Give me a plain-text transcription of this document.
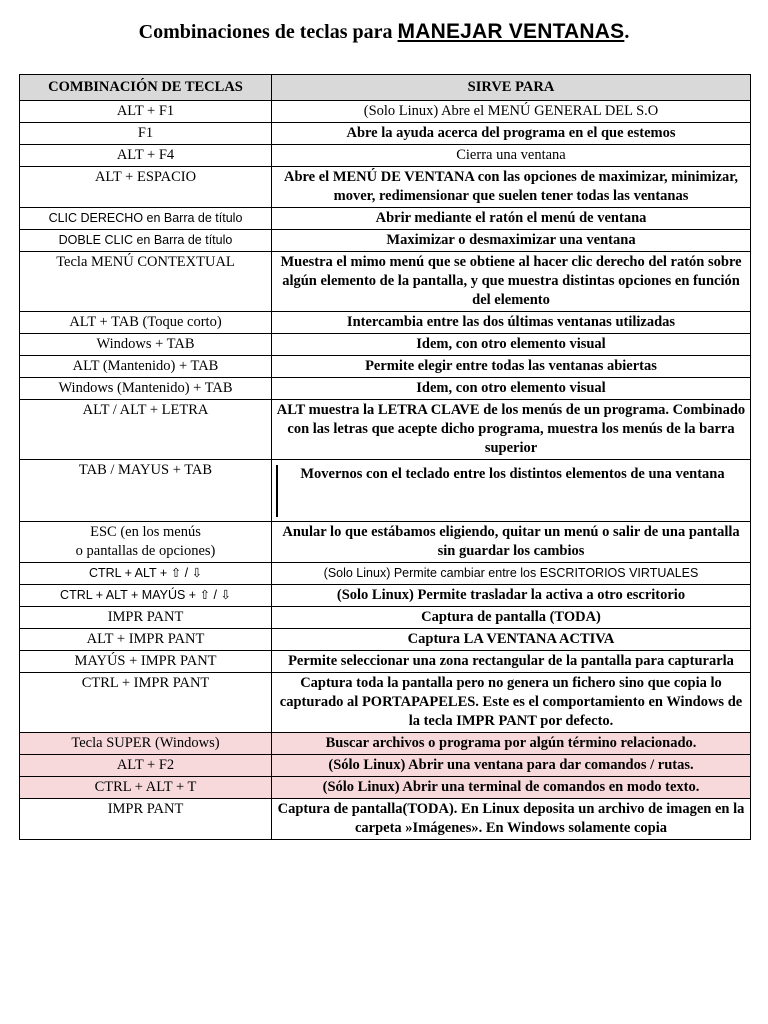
Combinaciones de teclas para MANEJAR VENTANAS.
COMBINACIÓN DE TECLAS	SIRVE PARA
ALT + F1	(Solo Linux) Abre el MENÚ GENERAL DEL S.O
F1	Abre la ayuda acerca del programa en el que estemos
ALT + F4	Cierra una ventana
ALT + ESPACIO	Abre el MENÚ DE VENTANA con las opciones de maximizar, minimizar, mover, redimensionar que suelen tener todas las ventanas
CLIC DERECHO en Barra de título	Abrir mediante el ratón el menú de ventana
DOBLE CLIC en Barra de título	Maximizar o desmaximizar una ventana
Tecla MENÚ CONTEXTUAL	Muestra el mimo menú que se obtiene al hacer clic derecho del ratón sobre algún elemento de la pantalla, y que muestra distintas opciones en función del elemento
ALT + TAB (Toque corto)	Intercambia entre las dos últimas ventanas utilizadas
Windows + TAB	Idem, con otro elemento visual
ALT (Mantenido) + TAB	Permite elegir entre todas las ventanas abiertas
Windows (Mantenido) + TAB	Idem, con otro elemento visual
ALT / ALT + LETRA	ALT muestra la LETRA CLAVE de los menús de un programa. Combinado con las letras que acepte dicho programa, muestra los menús de la barra superior
TAB / MAYUS + TAB	Movernos con el teclado entre los distintos elementos de una ventana

ESC (en los menús
o pantallas de opciones)	Anular lo que estábamos eligiendo, quitar un menú o salir de una pantalla sin guardar los cambios
CTRL + ALT + ⇧ / ⇩	(Solo Linux) Permite cambiar entre los ESCRITORIOS VIRTUALES
CTRL + ALT + MAYÚS + ⇧ / ⇩	(Solo Linux) Permite trasladar la activa a otro escritorio
IMPR PANT	Captura de pantalla (TODA)
ALT + IMPR PANT	Captura LA VENTANA ACTIVA
MAYÚS + IMPR PANT	Permite seleccionar una zona rectangular de la pantalla para capturarla
CTRL + IMPR PANT	Captura toda la pantalla pero no genera un fichero sino que copia lo capturado al PORTAPAPELES. Este es el comportamiento en Windows de la tecla IMPR PANT por defecto.
Tecla SUPER (Windows)	Buscar archivos o programa por algún término relacionado.
ALT + F2	(Sólo Linux) Abrir una ventana para dar comandos / rutas.
CTRL + ALT + T	(Sólo Linux) Abrir una terminal de comandos en modo texto.
IMPR PANT	Captura de pantalla(TODA). En Linux deposita un archivo de imagen en la carpeta »Imágenes». En Windows solamente copia
